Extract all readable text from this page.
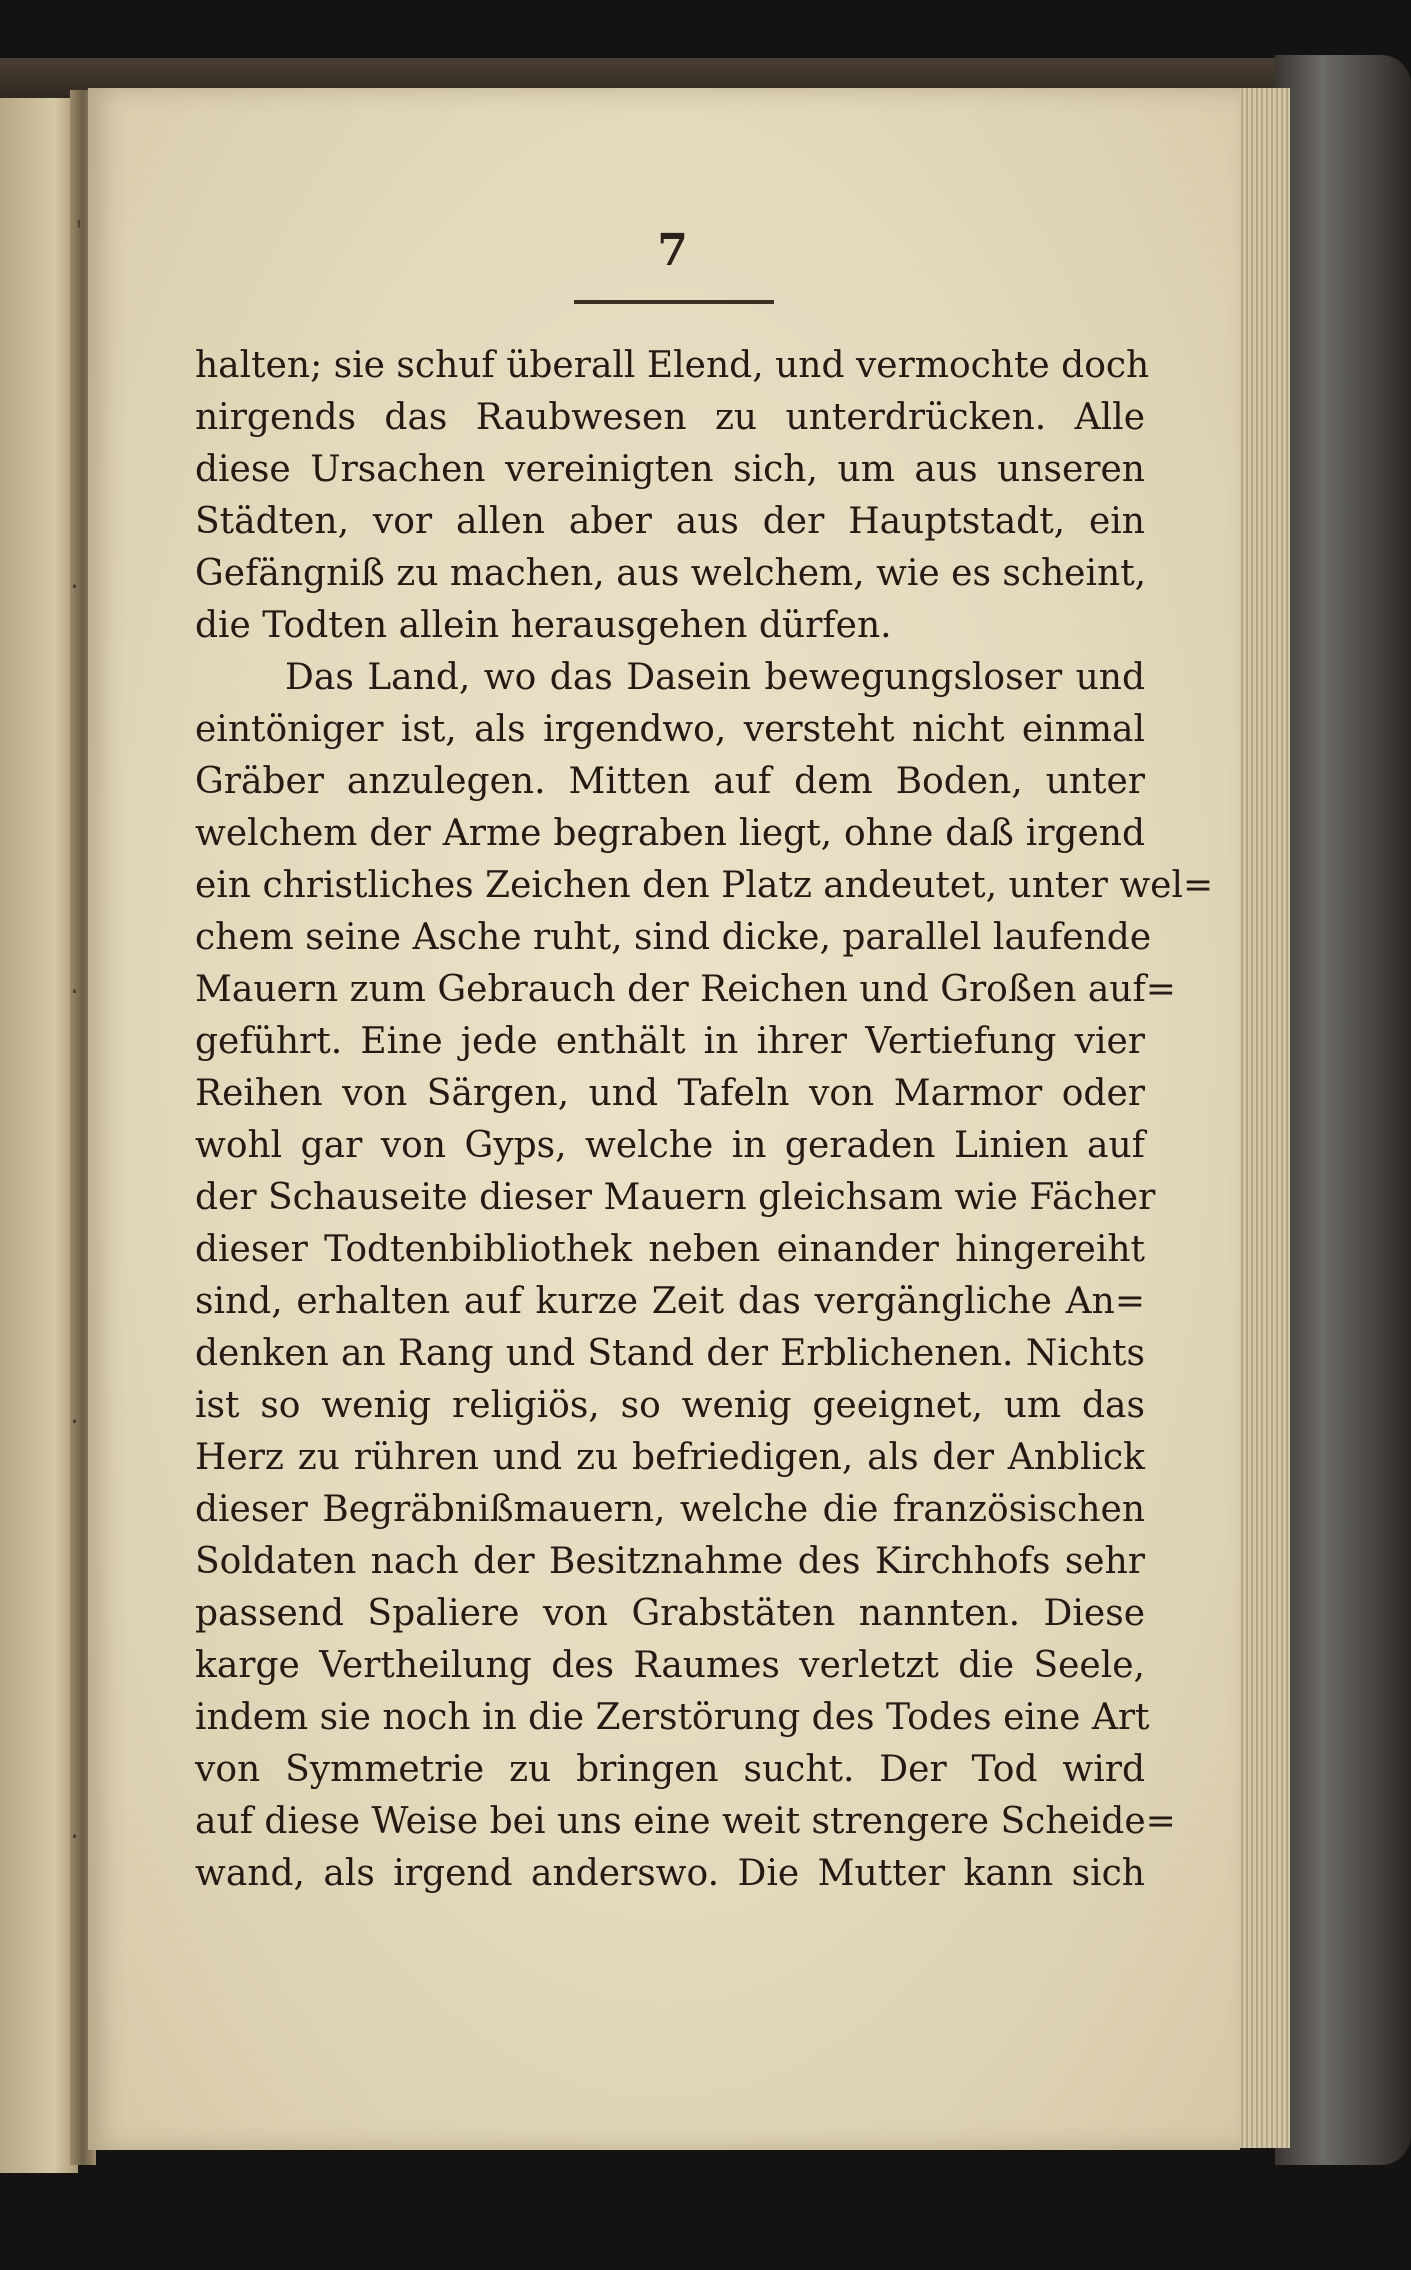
ˈ
·
·
·
·
7
halten; sie schuf überall Elend, und vermochte doch
nirgends das Raubwesen zu unterdrücken. Alle
diese Ursachen vereinigten sich, um aus unseren
Städten, vor allen aber aus der Hauptstadt, ein
Gefängniß zu machen, aus welchem, wie es scheint,
die Todten allein herausgehen dürfen.
Das Land, wo das Dasein bewegungsloser und
eintöniger ist, als irgendwo, versteht nicht einmal
Gräber anzulegen. Mitten auf dem Boden, unter
welchem der Arme begraben liegt, ohne daß irgend
ein christliches Zeichen den Platz andeutet, unter wel=
chem seine Asche ruht, sind dicke, parallel laufende
Mauern zum Gebrauch der Reichen und Großen auf=
geführt. Eine jede enthält in ihrer Vertiefung vier
Reihen von Särgen, und Tafeln von Marmor oder
wohl gar von Gyps, welche in geraden Linien auf
der Schauseite dieser Mauern gleichsam wie Fächer
dieser Todtenbibliothek neben einander hingereiht
sind, erhalten auf kurze Zeit das vergängliche An=
denken an Rang und Stand der Erblichenen. Nichts
ist so wenig religiös, so wenig geeignet, um das
Herz zu rühren und zu befriedigen, als der Anblick
dieser Begräbnißmauern, welche die französischen
Soldaten nach der Besitznahme des Kirchhofs sehr
passend Spaliere von Grabstäten nannten. Diese
karge Vertheilung des Raumes verletzt die Seele,
indem sie noch in die Zerstörung des Todes eine Art
von Symmetrie zu bringen sucht. Der Tod wird
auf diese Weise bei uns eine weit strengere Scheide=
wand, als irgend anderswo. Die Mutter kann sich
